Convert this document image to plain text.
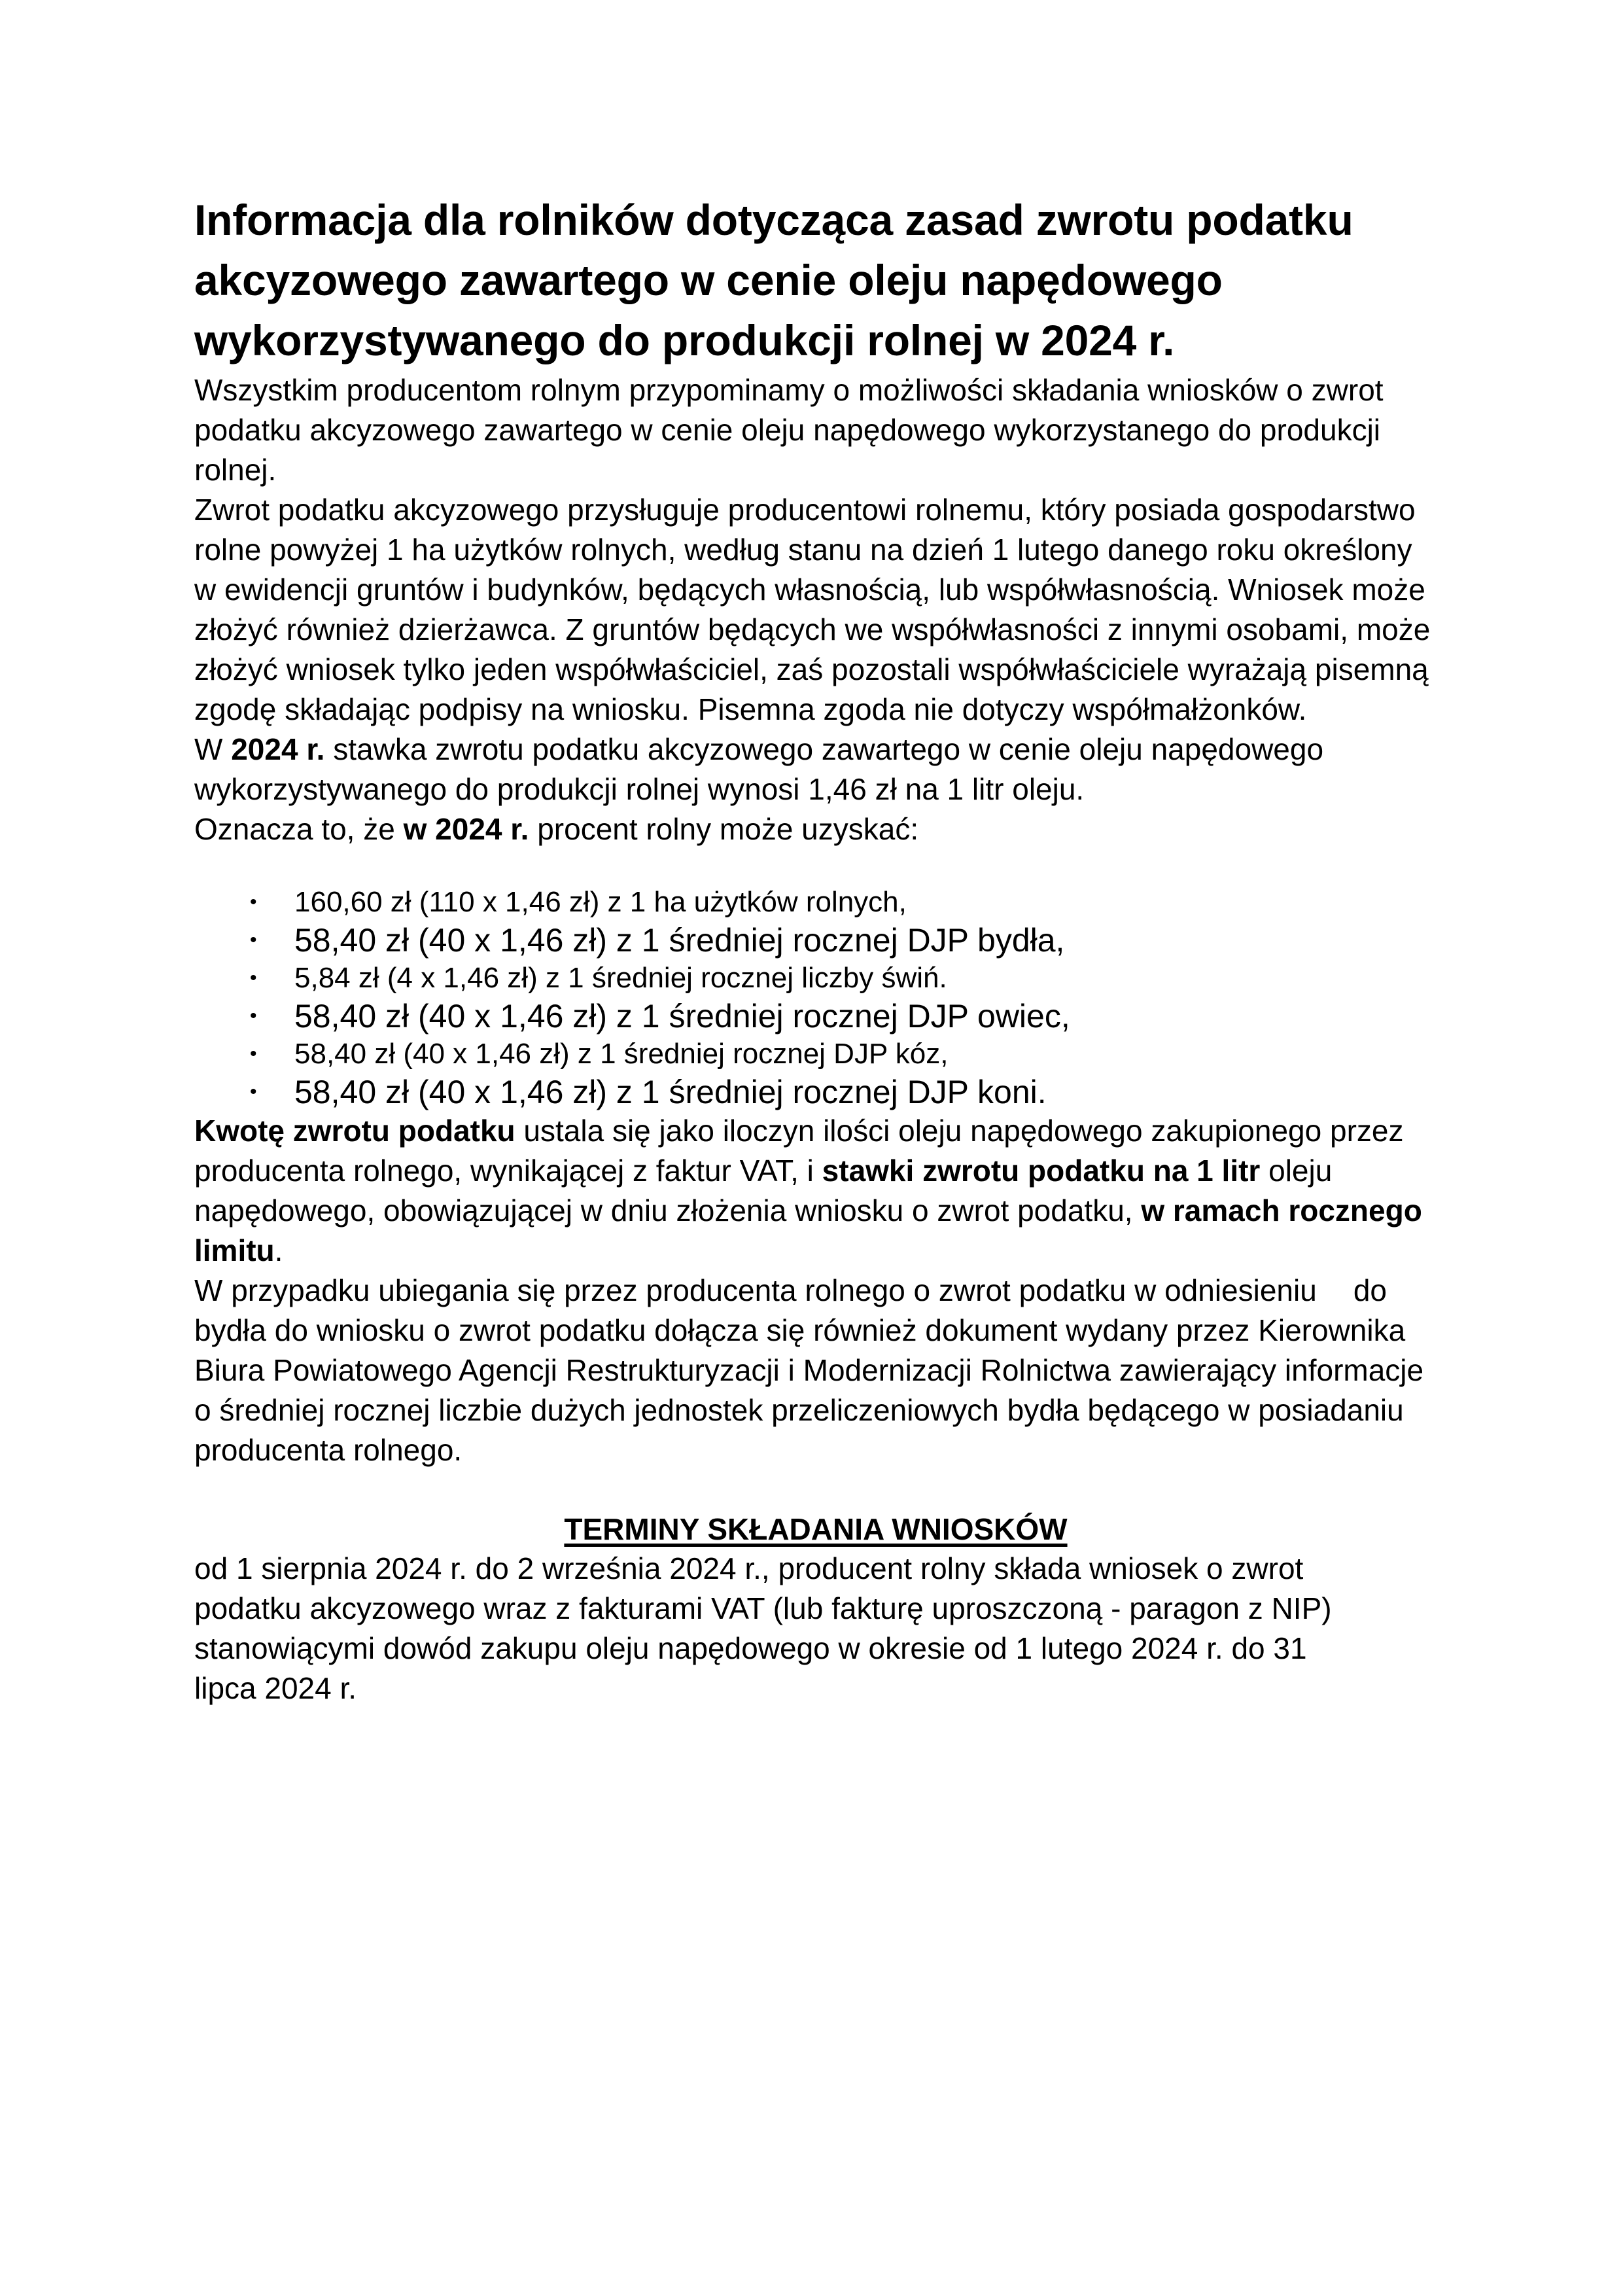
Informacja dla rolników dotycząca zasad zwrotu podatku akcyzowego zawartego w cenie oleju napędowego wykorzystywanego do produkcji rolnej w 2024 r.

Wszystkim producentom rolnym przypominamy o możliwości składania wniosków o zwrot podatku akcyzowego zawartego w cenie oleju napędowego wykorzystanego do produkcji rolnej.

Zwrot podatku akcyzowego przysługuje producentowi rolnemu, który posiada gospodarstwo rolne powyżej 1 ha użytków rolnych, według stanu na dzień 1 lutego danego roku określony w ewidencji gruntów i budynków, będących własnością, lub współwłasnością. Wniosek może złożyć również dzierżawca. Z gruntów będących we współwłasności z innymi osobami, może złożyć wniosek tylko jeden współwłaściciel, zaś pozostali współwłaściciele wyrażają pisemną zgodę składając podpisy na wniosku. Pisemna zgoda nie dotyczy współmałżonków.

W 2024 r. stawka zwrotu podatku akcyzowego zawartego w cenie oleju napędowego wykorzystywanego do produkcji rolnej wynosi 1,46 zł na 1 litr oleju.

Oznacza to, że w 2024 r. procent rolny może uzyskać:

• 160,60 zł (110 x 1,46 zł) z 1 ha użytków rolnych,
• 58,40 zł (40 x 1,46 zł) z 1 średniej rocznej DJP bydła,
• 5,84 zł (4 x 1,46 zł) z 1 średniej rocznej liczby świń.
• 58,40 zł (40 x 1,46 zł) z 1 średniej rocznej DJP owiec,
• 58,40 zł (40 x 1,46 zł) z 1 średniej rocznej DJP kóz,
• 58,40 zł (40 x 1,46 zł) z 1 średniej rocznej DJP koni.

Kwotę zwrotu podatku ustala się jako iloczyn ilości oleju napędowego zakupionego przez producenta rolnego, wynikającej z faktur VAT, i stawki zwrotu podatku na 1 litr oleju napędowego, obowiązującej w dniu złożenia wniosku o zwrot podatku, w ramach rocznego limitu.

W przypadku ubiegania się przez producenta rolnego o zwrot podatku w odniesieniu do bydła do wniosku o zwrot podatku dołącza się również dokument wydany przez Kierownika Biura Powiatowego Agencji Restrukturyzacji i Modernizacji Rolnictwa zawierający informacje o średniej rocznej liczbie dużych jednostek przeliczeniowych bydła będącego w posiadaniu producenta rolnego.

TERMINY SKŁADANIA WNIOSKÓW

od 1 sierpnia 2024 r. do 2 września 2024 r., producent rolny składa wniosek o zwrot podatku akcyzowego wraz z fakturami VAT (lub fakturę uproszczoną - paragon z NIP) stanowiącymi dowód zakupu oleju napędowego w okresie od 1 lutego 2024 r. do 31 lipca 2024 r.
